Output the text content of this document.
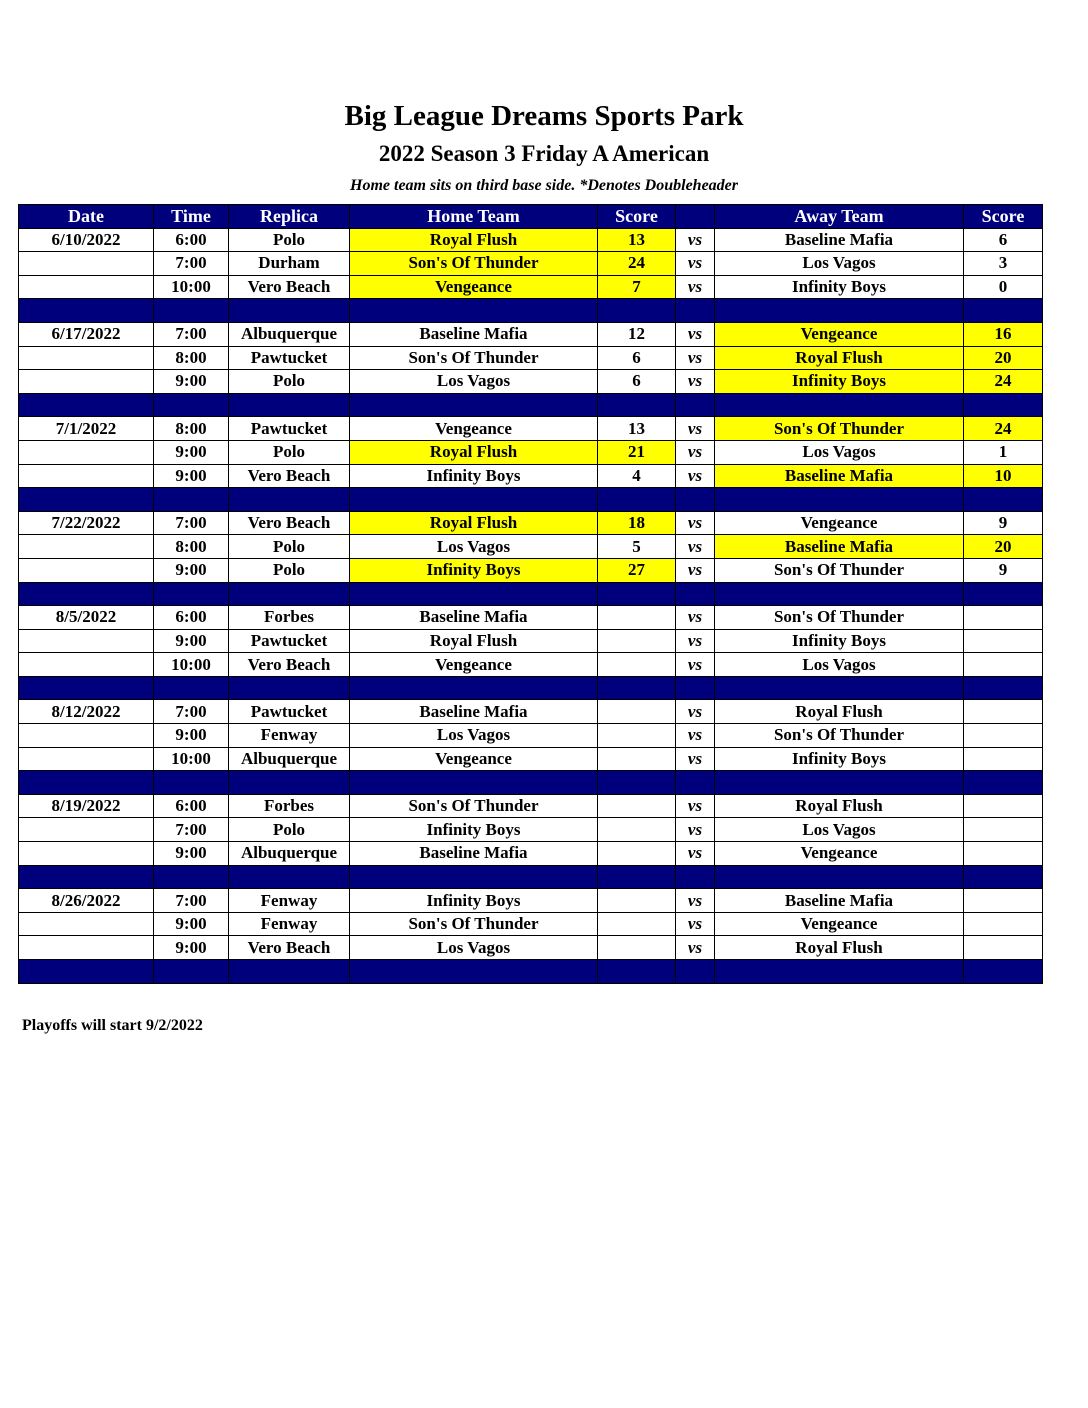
Big League Dreams Sports Park
2022 Season 3 Friday A American
Home team sits on third base side. *Denotes Doubleheader
Date	Time	Replica	Home Team	Score		Away Team	Score
6/10/2022	6:00	Polo	Royal Flush	13	vs	Baseline Mafia	6
	7:00	Durham	Son's Of Thunder	24	vs	Los Vagos	3
	10:00	Vero Beach	Vengeance	7	vs	Infinity Boys	0

6/17/2022	7:00	Albuquerque	Baseline Mafia	12	vs	Vengeance	16
	8:00	Pawtucket	Son's Of Thunder	6	vs	Royal Flush	20
	9:00	Polo	Los Vagos	6	vs	Infinity Boys	24

7/1/2022	8:00	Pawtucket	Vengeance	13	vs	Son's Of Thunder	24
	9:00	Polo	Royal Flush	21	vs	Los Vagos	1
	9:00	Vero Beach	Infinity Boys	4	vs	Baseline Mafia	10

7/22/2022	7:00	Vero Beach	Royal Flush	18	vs	Vengeance	9
	8:00	Polo	Los Vagos	5	vs	Baseline Mafia	20
	9:00	Polo	Infinity Boys	27	vs	Son's Of Thunder	9

8/5/2022	6:00	Forbes	Baseline Mafia		vs	Son's Of Thunder	
	9:00	Pawtucket	Royal Flush		vs	Infinity Boys	
	10:00	Vero Beach	Vengeance		vs	Los Vagos	

8/12/2022	7:00	Pawtucket	Baseline Mafia		vs	Royal Flush	
	9:00	Fenway	Los Vagos		vs	Son's Of Thunder	
	10:00	Albuquerque	Vengeance		vs	Infinity Boys	

8/19/2022	6:00	Forbes	Son's Of Thunder		vs	Royal Flush	
	7:00	Polo	Infinity Boys		vs	Los Vagos	
	9:00	Albuquerque	Baseline Mafia		vs	Vengeance	

8/26/2022	7:00	Fenway	Infinity Boys		vs	Baseline Mafia	
	9:00	Fenway	Son's Of Thunder		vs	Vengeance	
	9:00	Vero Beach	Los Vagos		vs	Royal Flush	

Playoffs will start 9/2/2022
